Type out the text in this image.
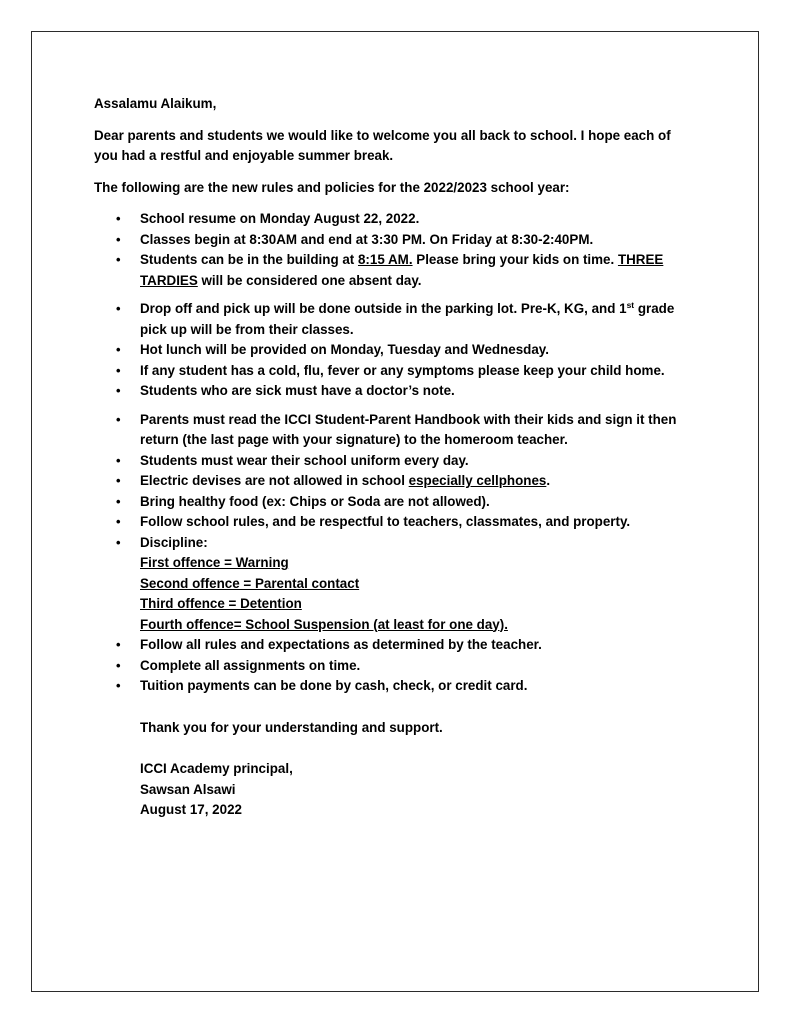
Assalamu Alaikum,

Dear parents and students we would like to welcome you all back to school. I hope each of you had a restful and enjoyable summer break.

The following are the new rules and policies for the 2022/2023 school year:

• School resume on Monday August 22, 2022.
• Classes begin at 8:30AM and end at 3:30 PM. On Friday at 8:30-2:40PM.
• Students can be in the building at 8:15 AM. Please bring your kids on time. THREE TARDIES will be considered one absent day.
• Drop off and pick up will be done outside in the parking lot. Pre-K, KG, and 1st grade pick up will be from their classes.
• Hot lunch will be provided on Monday, Tuesday and Wednesday.
• If any student has a cold, flu, fever or any symptoms please keep your child home.
• Students who are sick must have a doctor’s note.
• Parents must read the ICCI Student-Parent Handbook with their kids and sign it then return (the last page with your signature) to the homeroom teacher.
• Students must wear their school uniform every day.
• Electric devises are not allowed in school especially cellphones.
• Bring healthy food (ex: Chips or Soda are not allowed).
• Follow school rules, and be respectful to teachers, classmates, and property.
• Discipline:
First offence = Warning
Second offence = Parental contact
Third offence = Detention
Fourth offence= School Suspension (at least for one day).
• Follow all rules and expectations as determined by the teacher.
• Complete all assignments on time.
• Tuition payments can be done by cash, check, or credit card.
Thank you for your understanding and support.
ICCI Academy principal,
Sawsan Alsawi
August 17, 2022
